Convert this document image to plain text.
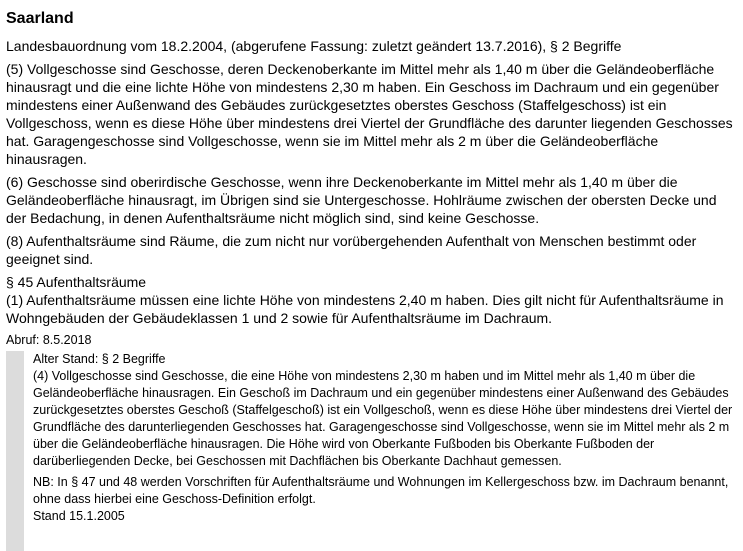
Saarland

Landesbauordnung vom 18.2.2004, (abgerufene Fassung: zuletzt geändert 13.7.2016), § 2 Begriffe

(5) Vollgeschosse sind Geschosse, deren Deckenoberkante im Mittel mehr als 1,40 m über die Geländeoberfläche hinausragt und die eine lichte Höhe von mindestens 2,30 m haben. Ein Geschoss im Dachraum und ein gegenüber mindestens einer Außenwand des Gebäudes zurückgesetztes oberstes Geschoss (Staffelgeschoss) ist ein Vollgeschoss, wenn es diese Höhe über mindestens drei Viertel der Grundfläche des darunter liegenden Geschosses hat. Garagengeschosse sind Vollgeschosse, wenn sie im Mittel mehr als 2 m über die Geländeoberfläche hinausragen.

(6) Geschosse sind oberirdische Geschosse, wenn ihre Deckenoberkante im Mittel mehr als 1,40 m über die Geländeoberfläche hinausragt, im Übrigen sind sie Untergeschosse. Hohlräume zwischen der obersten Decke und der Bedachung, in denen Aufenthaltsräume nicht möglich sind, sind keine Geschosse.

(8) Aufenthaltsräume sind Räume, die zum nicht nur vorübergehenden Aufenthalt von Menschen bestimmt oder geeignet sind.

§ 45 Aufenthaltsräume

(1) Aufenthaltsräume müssen eine lichte Höhe von mindestens 2,40 m haben. Dies gilt nicht für Aufenthaltsräume in Wohngebäuden der Gebäudeklassen 1 und 2 sowie für Aufenthaltsräume im Dachraum.

Abruf: 8.5.2018

Alter Stand: § 2 Begriffe

(4) Vollgeschosse sind Geschosse, die eine Höhe von mindestens 2,30 m haben und im Mittel mehr als 1,40 m über die Geländeoberfläche hinausragen. Ein Geschoß im Dachraum und ein gegenüber mindestens einer Außenwand des Gebäudes zurückgesetztes oberstes Geschoß (Staffelgeschoß) ist ein Vollgeschoß, wenn es diese Höhe über mindestens drei Viertel der Grundfläche des darunterliegenden Geschosses hat. Garagengeschosse sind Vollgeschosse, wenn sie im Mittel mehr als 2 m über die Geländeoberfläche hinausragen. Die Höhe wird von Oberkante Fußboden bis Oberkante Fußboden der darüberliegenden Decke, bei Geschossen mit Dachflächen bis Oberkante Dachhaut gemessen.

NB: In § 47 und 48 werden Vorschriften für Aufenthaltsräume und Wohnungen im Kellergeschoss bzw. im Dachraum benannt, ohne dass hierbei eine Geschoss-Definition erfolgt.

Stand 15.1.2005
